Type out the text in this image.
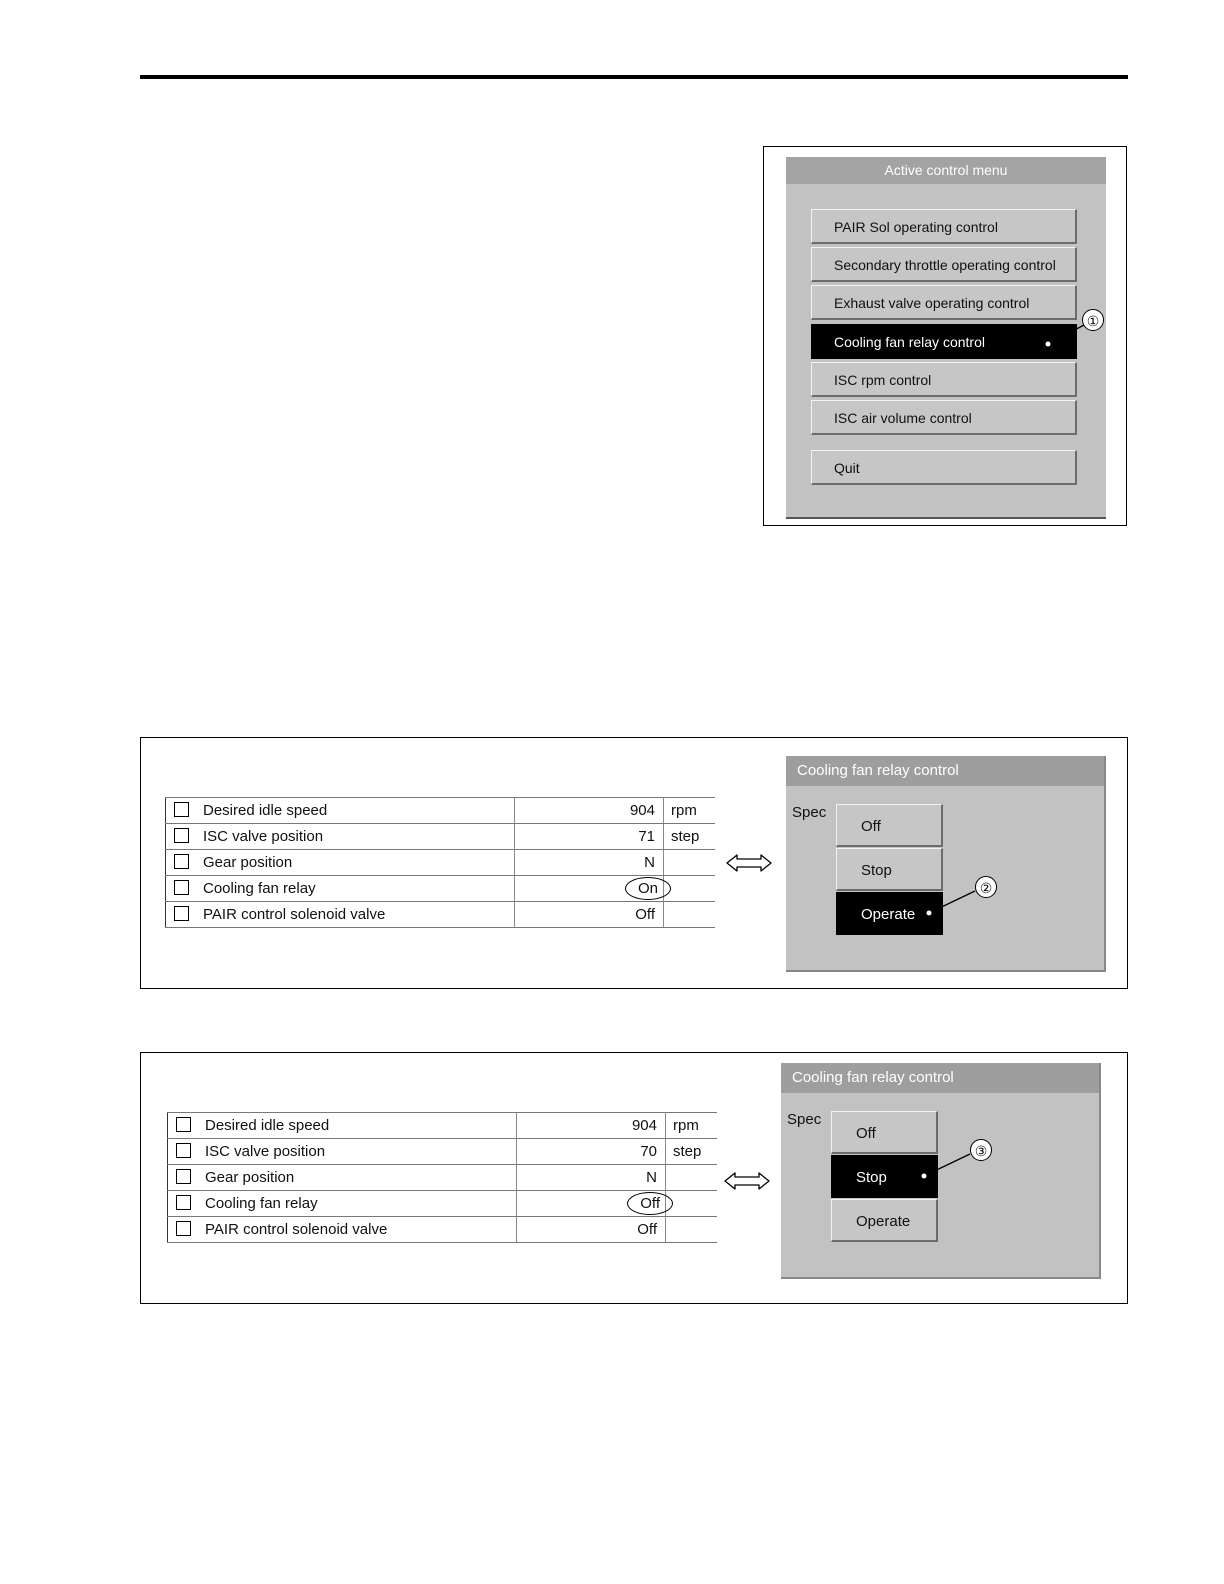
Active control menu
PAIR Sol operating control
Secondary throttle operating control
Exhaust valve operating control
Cooling fan relay control
ISC rpm control
ISC air volume control
Quit
①
Desired idle speed	904	rpm
ISC valve position	71	step
Gear position	N	
Cooling fan relay	On	
PAIR control solenoid valve	Off	
Cooling fan relay control
Spec
Off
Stop
Operate
②
Desired idle speed	904	rpm
ISC valve position	70	step
Gear position	N	
Cooling fan relay	Off	
PAIR control solenoid valve	Off	
Cooling fan relay control
Spec
Off
Stop
Operate
③
